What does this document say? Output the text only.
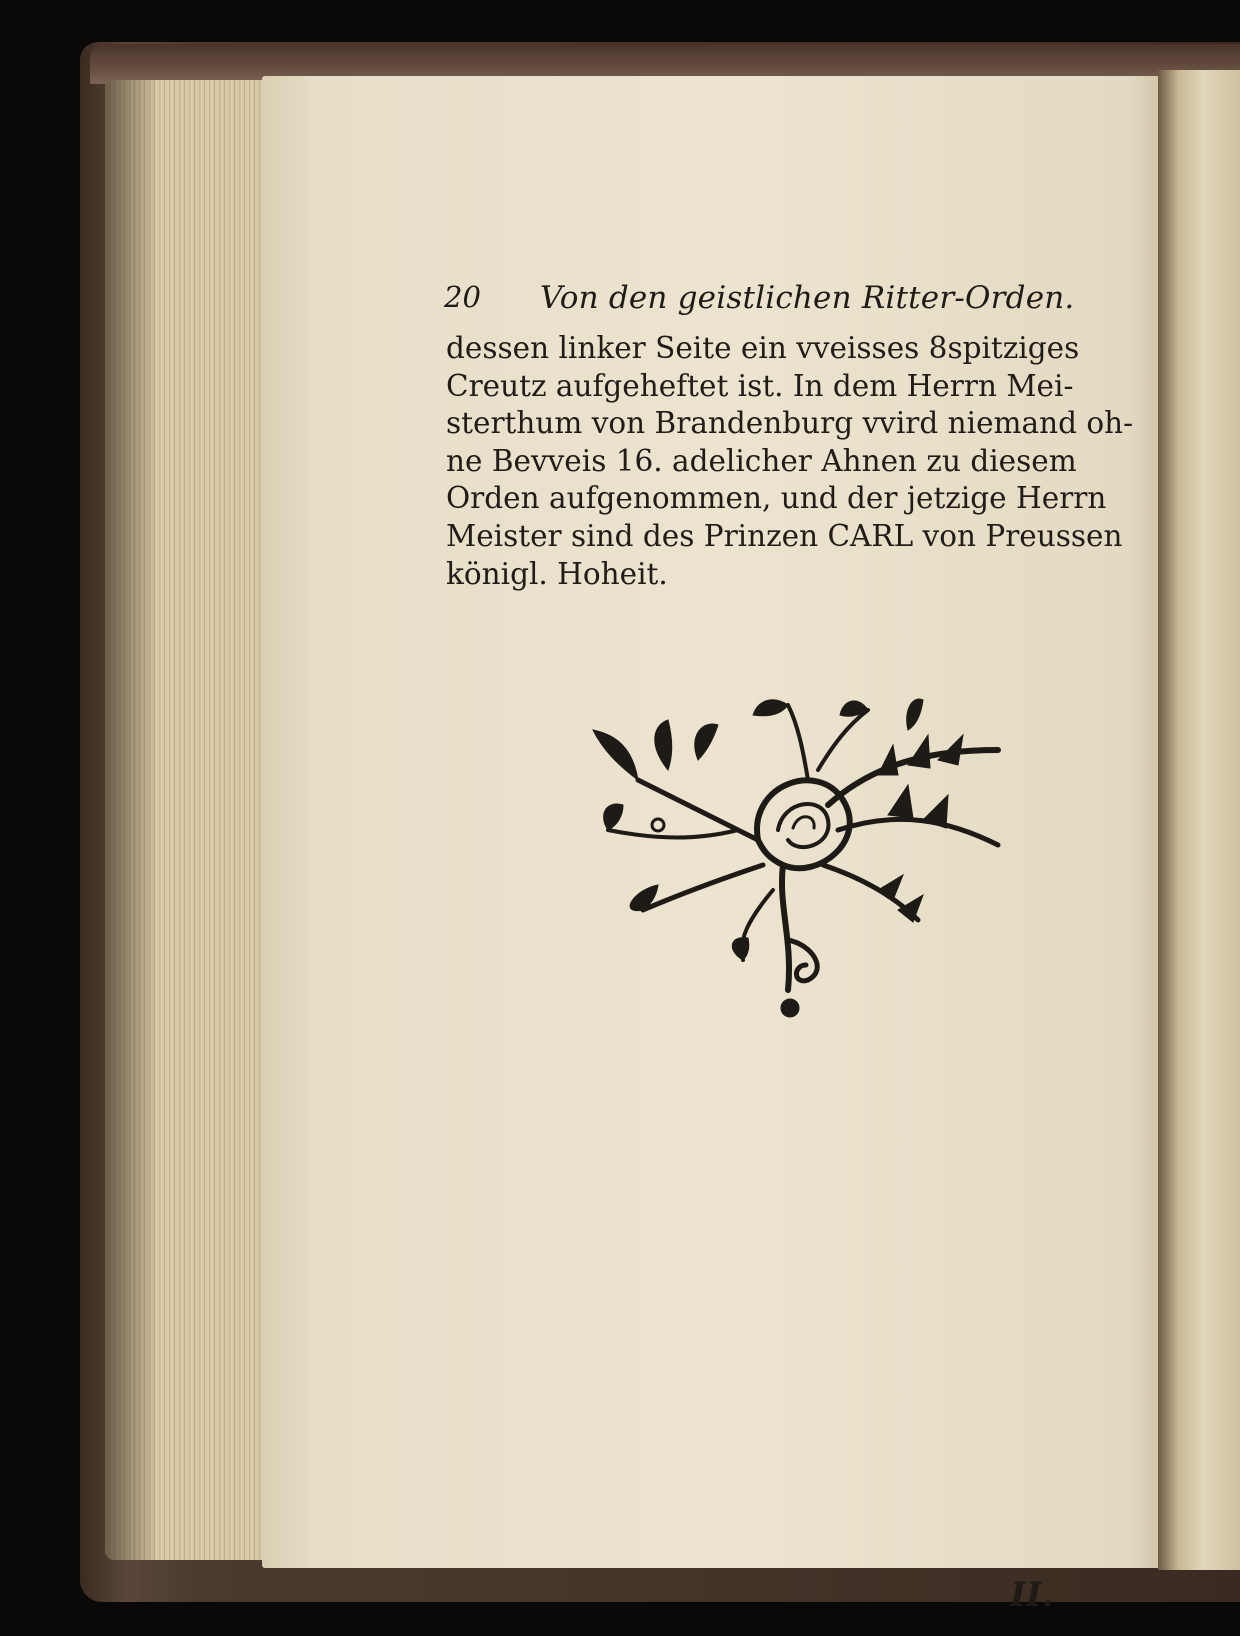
20 Von den geistlichen Ritter-Orden.
dessen linker Seite ein vveisses 8spitziges
Creutz aufgeheftet ist. In dem Herrn Mei-
sterthum von Brandenburg vvird niemand oh-
ne Bevveis 16. adelicher Ahnen zu diesem
Orden aufgenommen, und der jetzige Herrn
Meister sind des Prinzen CARL von Preussen
königl. Hoheit.
II.
